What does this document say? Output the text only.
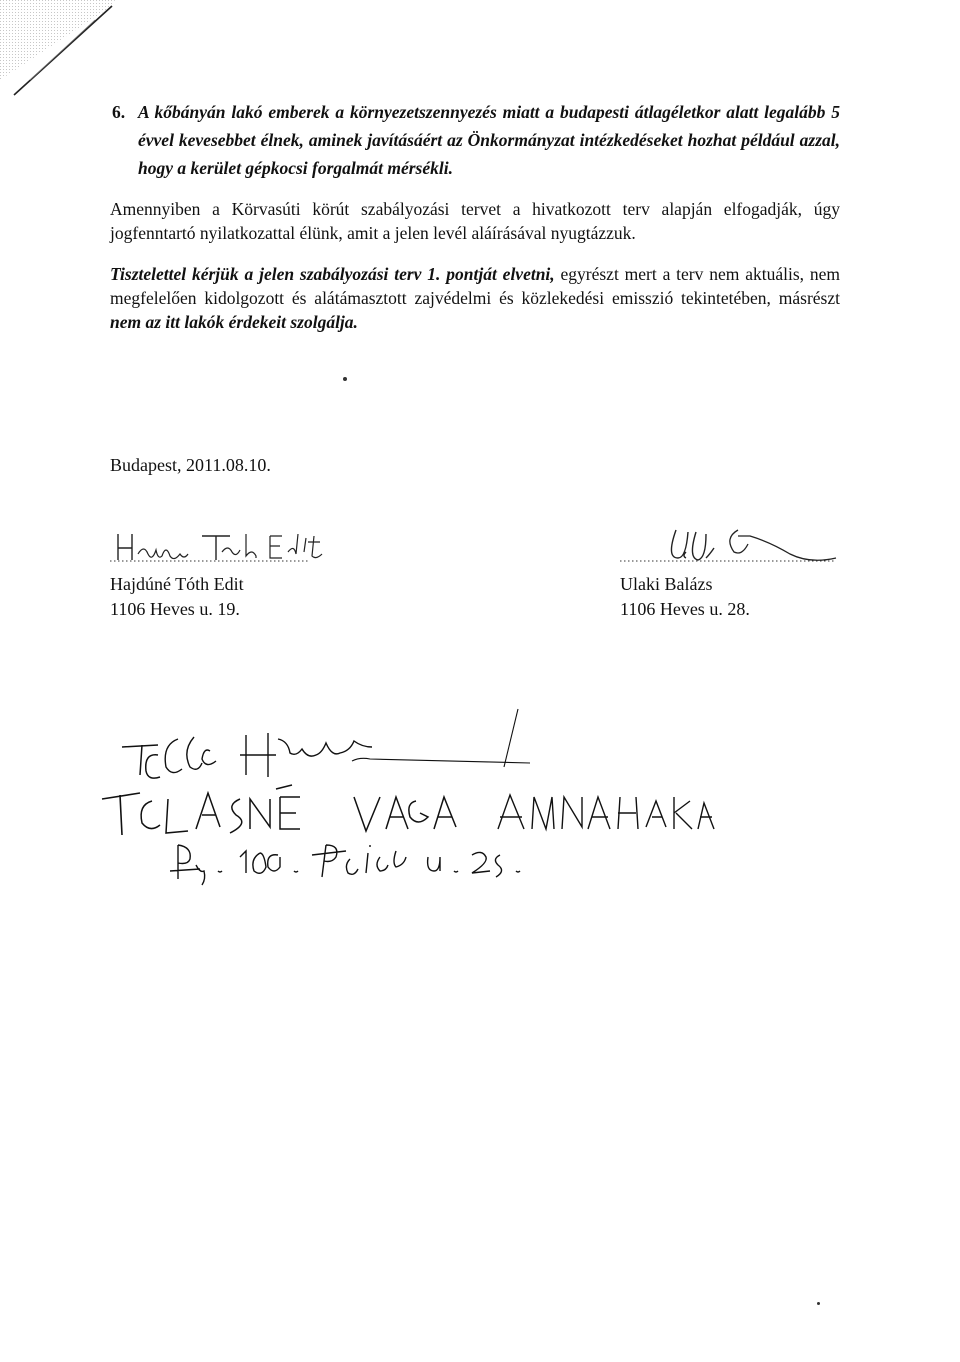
6. A kőbányán lakó emberek a környezetszennyezés miatt a budapesti átlagéletkor alatt legalább 5 évvel kevesebbet élnek, aminek javításáért az Önkormányzat intézkedéseket hozhat például azzal, hogy a kerület gépkocsi forgalmát mérsékli.
Amennyiben a Körvasúti körút szabályozási tervet a hivatkozott terv alapján elfogadják, úgy jogfenntartó nyilatkozattal élünk, amit a jelen levél aláírásával nyugtázzuk.
Tisztelettel kérjük a jelen szabályozási terv 1. pontját elvetni, egyrészt mert a terv nem aktuális, nem megfelelően kidolgozott és alátámasztott zajvédelmi és közlekedési emisszió tekintetében, másrészt nem az itt lakók érdekeit szolgálja.
Budapest, 2011.08.10.
Hajdúné Tóth Edit
1106 Heves u. 19.
Ulaki Balázs
1106 Heves u. 28.
